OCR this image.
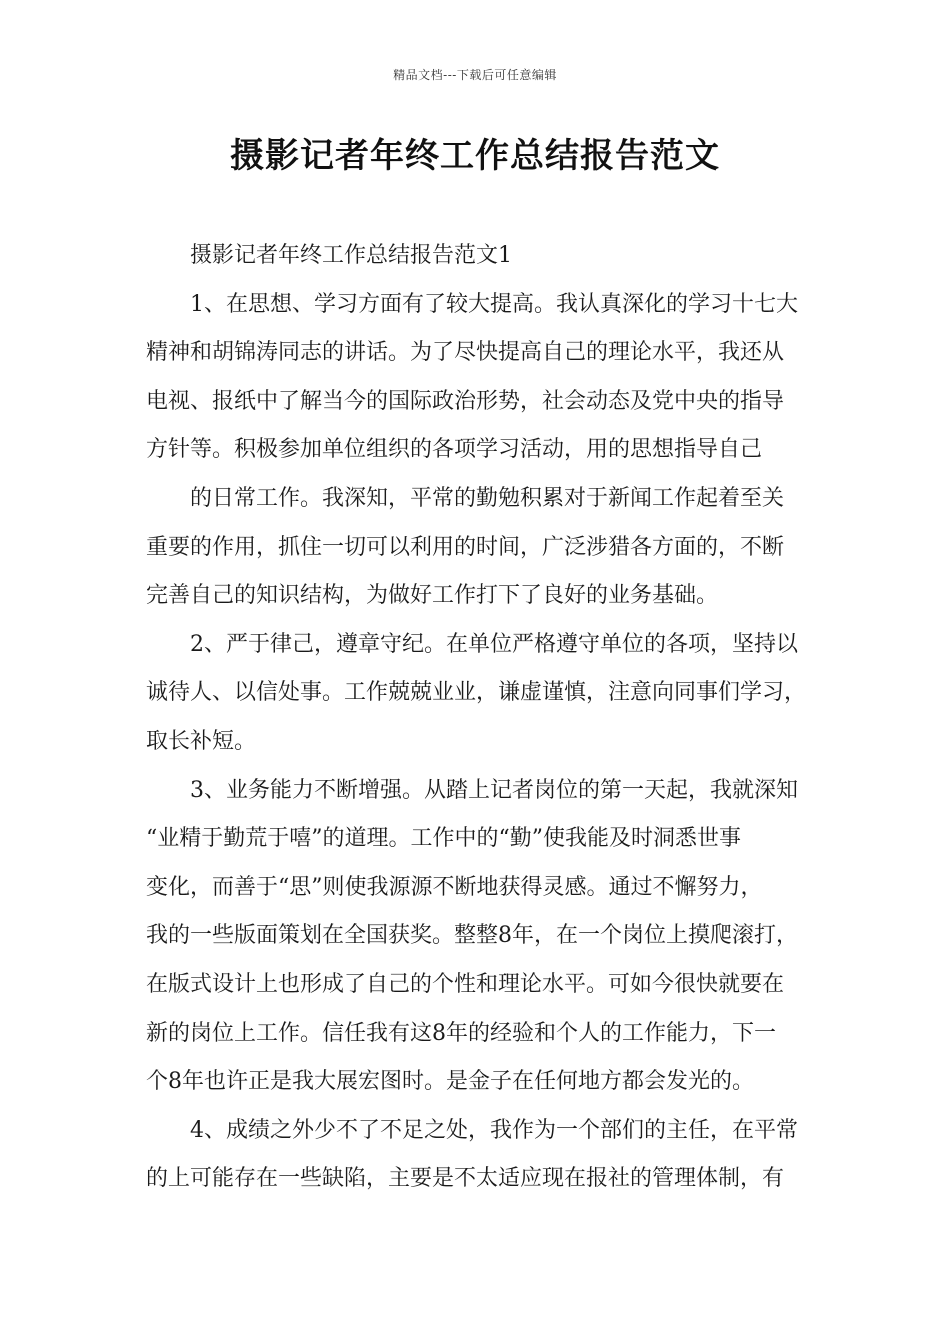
精品文档---下载后可任意编辑
摄影记者年终工作总结报告范文
摄影记者年终工作总结报告范文1
1、在思想、学习方面有了较大提高。我认真深化的学习十七大
精神和胡锦涛同志的讲话。为了尽快提高自己的理论水平，我还从
电视、报纸中了解当今的国际政治形势，社会动态及党中央的指导
方针等。积极参加单位组织的各项学习活动，用的思想指导自己
的日常工作。我深知，平常的勤勉积累对于新闻工作起着至关
重要的作用，抓住一切可以利用的时间，广泛涉猎各方面的，不断
完善自己的知识结构，为做好工作打下了良好的业务基础。
2、严于律己，遵章守纪。在单位严格遵守单位的各项，坚持以
诚待人、以信处事。工作兢兢业业，谦虚谨慎，注意向同事们学习，
取长补短。
3、业务能力不断增强。从踏上记者岗位的第一天起，我就深知
“业精于勤荒于嘻”的道理。工作中的“勤”使我能及时洞悉世事
变化，而善于“思”则使我源源不断地获得灵感。通过不懈努力，
我的一些版面策划在全国获奖。整整8年，在一个岗位上摸爬滚打，
在版式设计上也形成了自己的个性和理论水平。可如今很快就要在
新的岗位上工作。信任我有这8年的经验和个人的工作能力，下一
个8年也许正是我大展宏图时。是金子在任何地方都会发光的。
4、成绩之外少不了不足之处，我作为一个部们的主任，在平常
的上可能存在一些缺陷，主要是不太适应现在报社的管理体制，有
